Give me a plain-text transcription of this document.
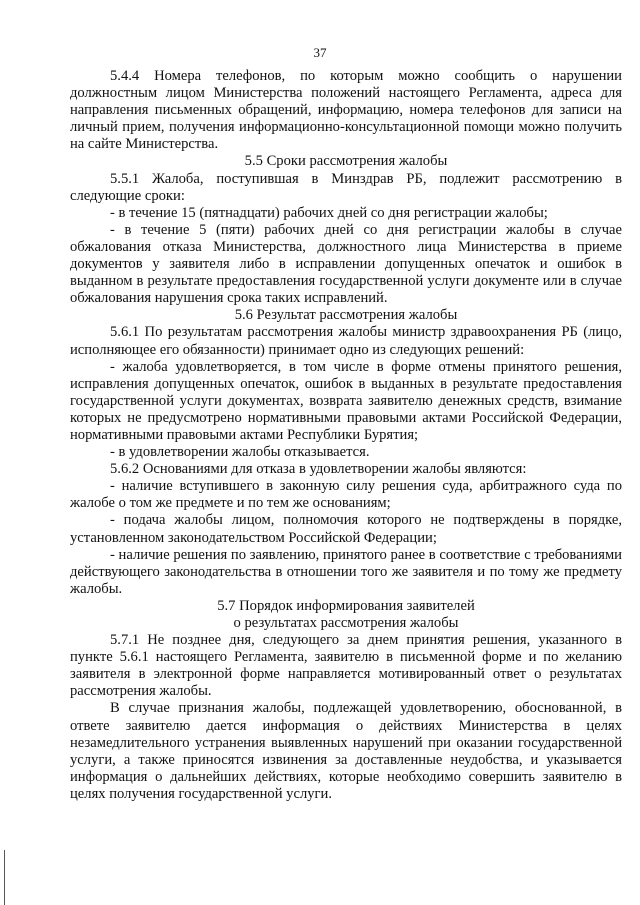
37

5.4.4 Номера телефонов, по которым можно сообщить о нарушении должностным лицом Министерства положений настоящего Регламента, адреса для направления письменных обращений, информацию, номера телефонов для записи на личный прием, получения информационно-консультационной помощи можно получить на сайте Министерства.

5.5 Сроки рассмотрения жалобы

5.5.1 Жалоба, поступившая в Минздрав РБ, подлежит рассмотрению в следующие сроки:

- в течение 15 (пятнадцати) рабочих дней со дня регистрации жалобы;

- в течение 5 (пяти) рабочих дней со дня регистрации жалобы в случае обжалования отказа Министерства, должностного лица Министерства в приеме документов у заявителя либо в исправлении допущенных опечаток и ошибок в выданном в результате предоставления государственной услуги документе или в случае обжалования нарушения срока таких исправлений.

5.6 Результат рассмотрения жалобы

5.6.1 По результатам рассмотрения жалобы министр здравоохранения РБ (лицо, исполняющее его обязанности) принимает одно из следующих решений:

- жалоба удовлетворяется, в том числе в форме отмены принятого решения, исправления допущенных опечаток, ошибок в выданных в результате предоставления государственной услуги документах, возврата заявителю денежных средств, взимание которых не предусмотрено нормативными правовыми актами Российской Федерации, нормативными правовыми актами Республики Бурятия;

- в удовлетворении жалобы отказывается.

5.6.2 Основаниями для отказа в удовлетворении жалобы являются:

- наличие вступившего в законную силу решения суда, арбитражного суда по жалобе о том же предмете и по тем же основаниям;

- подача жалобы лицом, полномочия которого не подтверждены в порядке, установленном законодательством Российской Федерации;

- наличие решения по заявлению, принятого ранее в соответствие с требованиями действующего законодательства в отношении того же заявителя и по тому же предмету жалобы.

5.7 Порядок информирования заявителей

о результатах рассмотрения жалобы

5.7.1 Не позднее дня, следующего за днем принятия решения, указанного в пункте 5.6.1 настоящего Регламента, заявителю в письменной форме и по желанию заявителя в электронной форме направляется мотивированный ответ о результатах рассмотрения жалобы.

В случае признания жалобы, подлежащей удовлетворению, обоснованной, в ответе заявителю дается информация о действиях Министерства в целях незамедлительного устранения выявленных нарушений при оказании государственной услуги, а также приносятся извинения за доставленные неудобства, и указывается информация о дальнейших действиях, которые необходимо совершить заявителю в целях получения государственной услуги.
